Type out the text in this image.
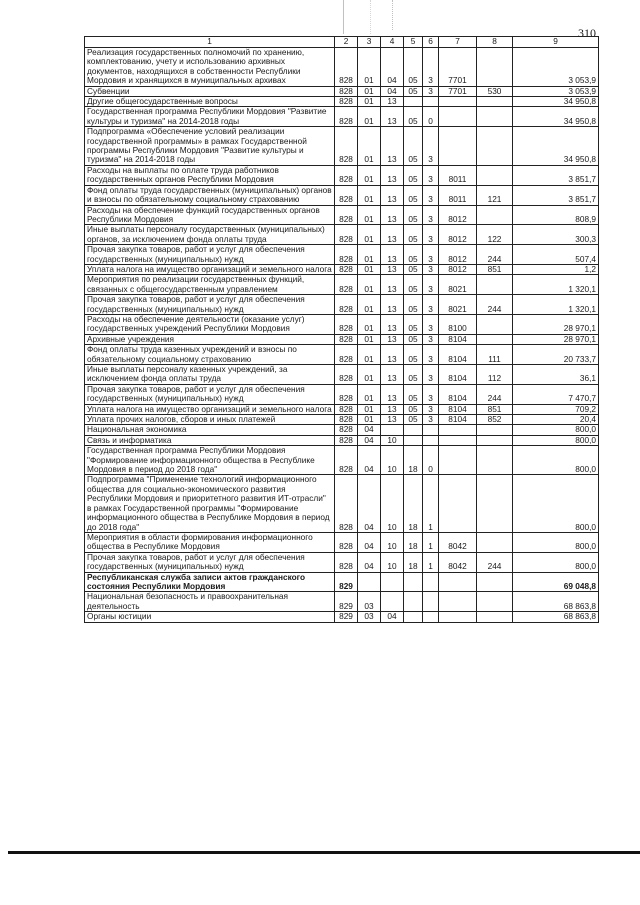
310
1	2	3	4	5	6	7	8	9
Реализация государственных полномочий по хранению, комплектованию, учету и использованию архивных документов, находящихся в собственности Республики Мордовия и хранящихся в муниципальных архивах	828	01	04	05	3	7701		3 053,9
Субвенции	828	01	04	05	3	7701	530	3 053,9
Другие общегосударственные вопросы	828	01	13					34 950,8
Государственная программа Республики Мордовия "Развитие культуры и туризма" на 2014-2018 годы	828	01	13	05	0			34 950,8
Подпрограмма «Обеспечение условий реализации государственной программы» в рамках Государственной программы Республики Мордовия "Развитие культуры и туризма" на 2014-2018 годы	828	01	13	05	3			34 950,8
Расходы на выплаты по оплате труда работников государственных органов Республики Мордовия	828	01	13	05	3	8011		3 851,7
Фонд оплаты труда государственных (муниципальных) органов и взносы по обязательному социальному страхованию	828	01	13	05	3	8011	121	3 851,7
Расходы на обеспечение функций государственных органов Республики Мордовия	828	01	13	05	3	8012		808,9
Иные выплаты персоналу государственных (муниципальных) органов, за исключением фонда оплаты труда	828	01	13	05	3	8012	122	300,3
Прочая закупка товаров, работ и услуг для обеспечения государственных (муниципальных) нужд	828	01	13	05	3	8012	244	507,4
Уплата налога на имущество организаций и земельного налога	828	01	13	05	3	8012	851	1,2
Мероприятия по реализации государственных функций, связанных с общегосударственным управлением	828	01	13	05	3	8021		1 320,1
Прочая закупка товаров, работ и услуг для обеспечения государственных (муниципальных) нужд	828	01	13	05	3	8021	244	1 320,1
Расходы на обеспечение деятельности (оказание услуг) государственных учреждений Республики Мордовия	828	01	13	05	3	8100		28 970,1
Архивные учреждения	828	01	13	05	3	8104		28 970,1
Фонд оплаты труда казенных учреждений и взносы по обязательному социальному страхованию	828	01	13	05	3	8104	111	20 733,7
Иные выплаты персоналу казенных учреждений, за исключением фонда оплаты труда	828	01	13	05	3	8104	112	36,1
Прочая закупка товаров, работ и услуг для обеспечения государственных (муниципальных) нужд	828	01	13	05	3	8104	244	7 470,7
Уплата налога на имущество организаций и земельного налога	828	01	13	05	3	8104	851	709,2
Уплата прочих налогов, сборов и иных платежей	828	01	13	05	3	8104	852	20,4
Национальная экономика	828	04						800,0
Связь и информатика	828	04	10					800,0
Государственная программа Республики Мордовия "Формирование информационного общества в Республике Мордовия в период до 2018 года"	828	04	10	18	0			800,0
Подпрограмма "Применение технологий информационного общества для социально-экономического развития Республики Мордовия и приоритетного развития ИТ-отрасли" в рамках Государственной программы "Формирование информационного общества в Республике Мордовия в период до 2018 года"	828	04	10	18	1			800,0
Мероприятия в области формирования информационного общества в Республике Мордовия	828	04	10	18	1	8042		800,0
Прочая закупка товаров, работ и услуг для обеспечения государственных (муниципальных) нужд	828	04	10	18	1	8042	244	800,0
Республиканская служба записи актов гражданского состояния Республики Мордовия	829							69 048,8
Национальная безопасность и правоохранительная деятельность	829	03						68 863,8
Органы юстиции	829	03	04					68 863,8
